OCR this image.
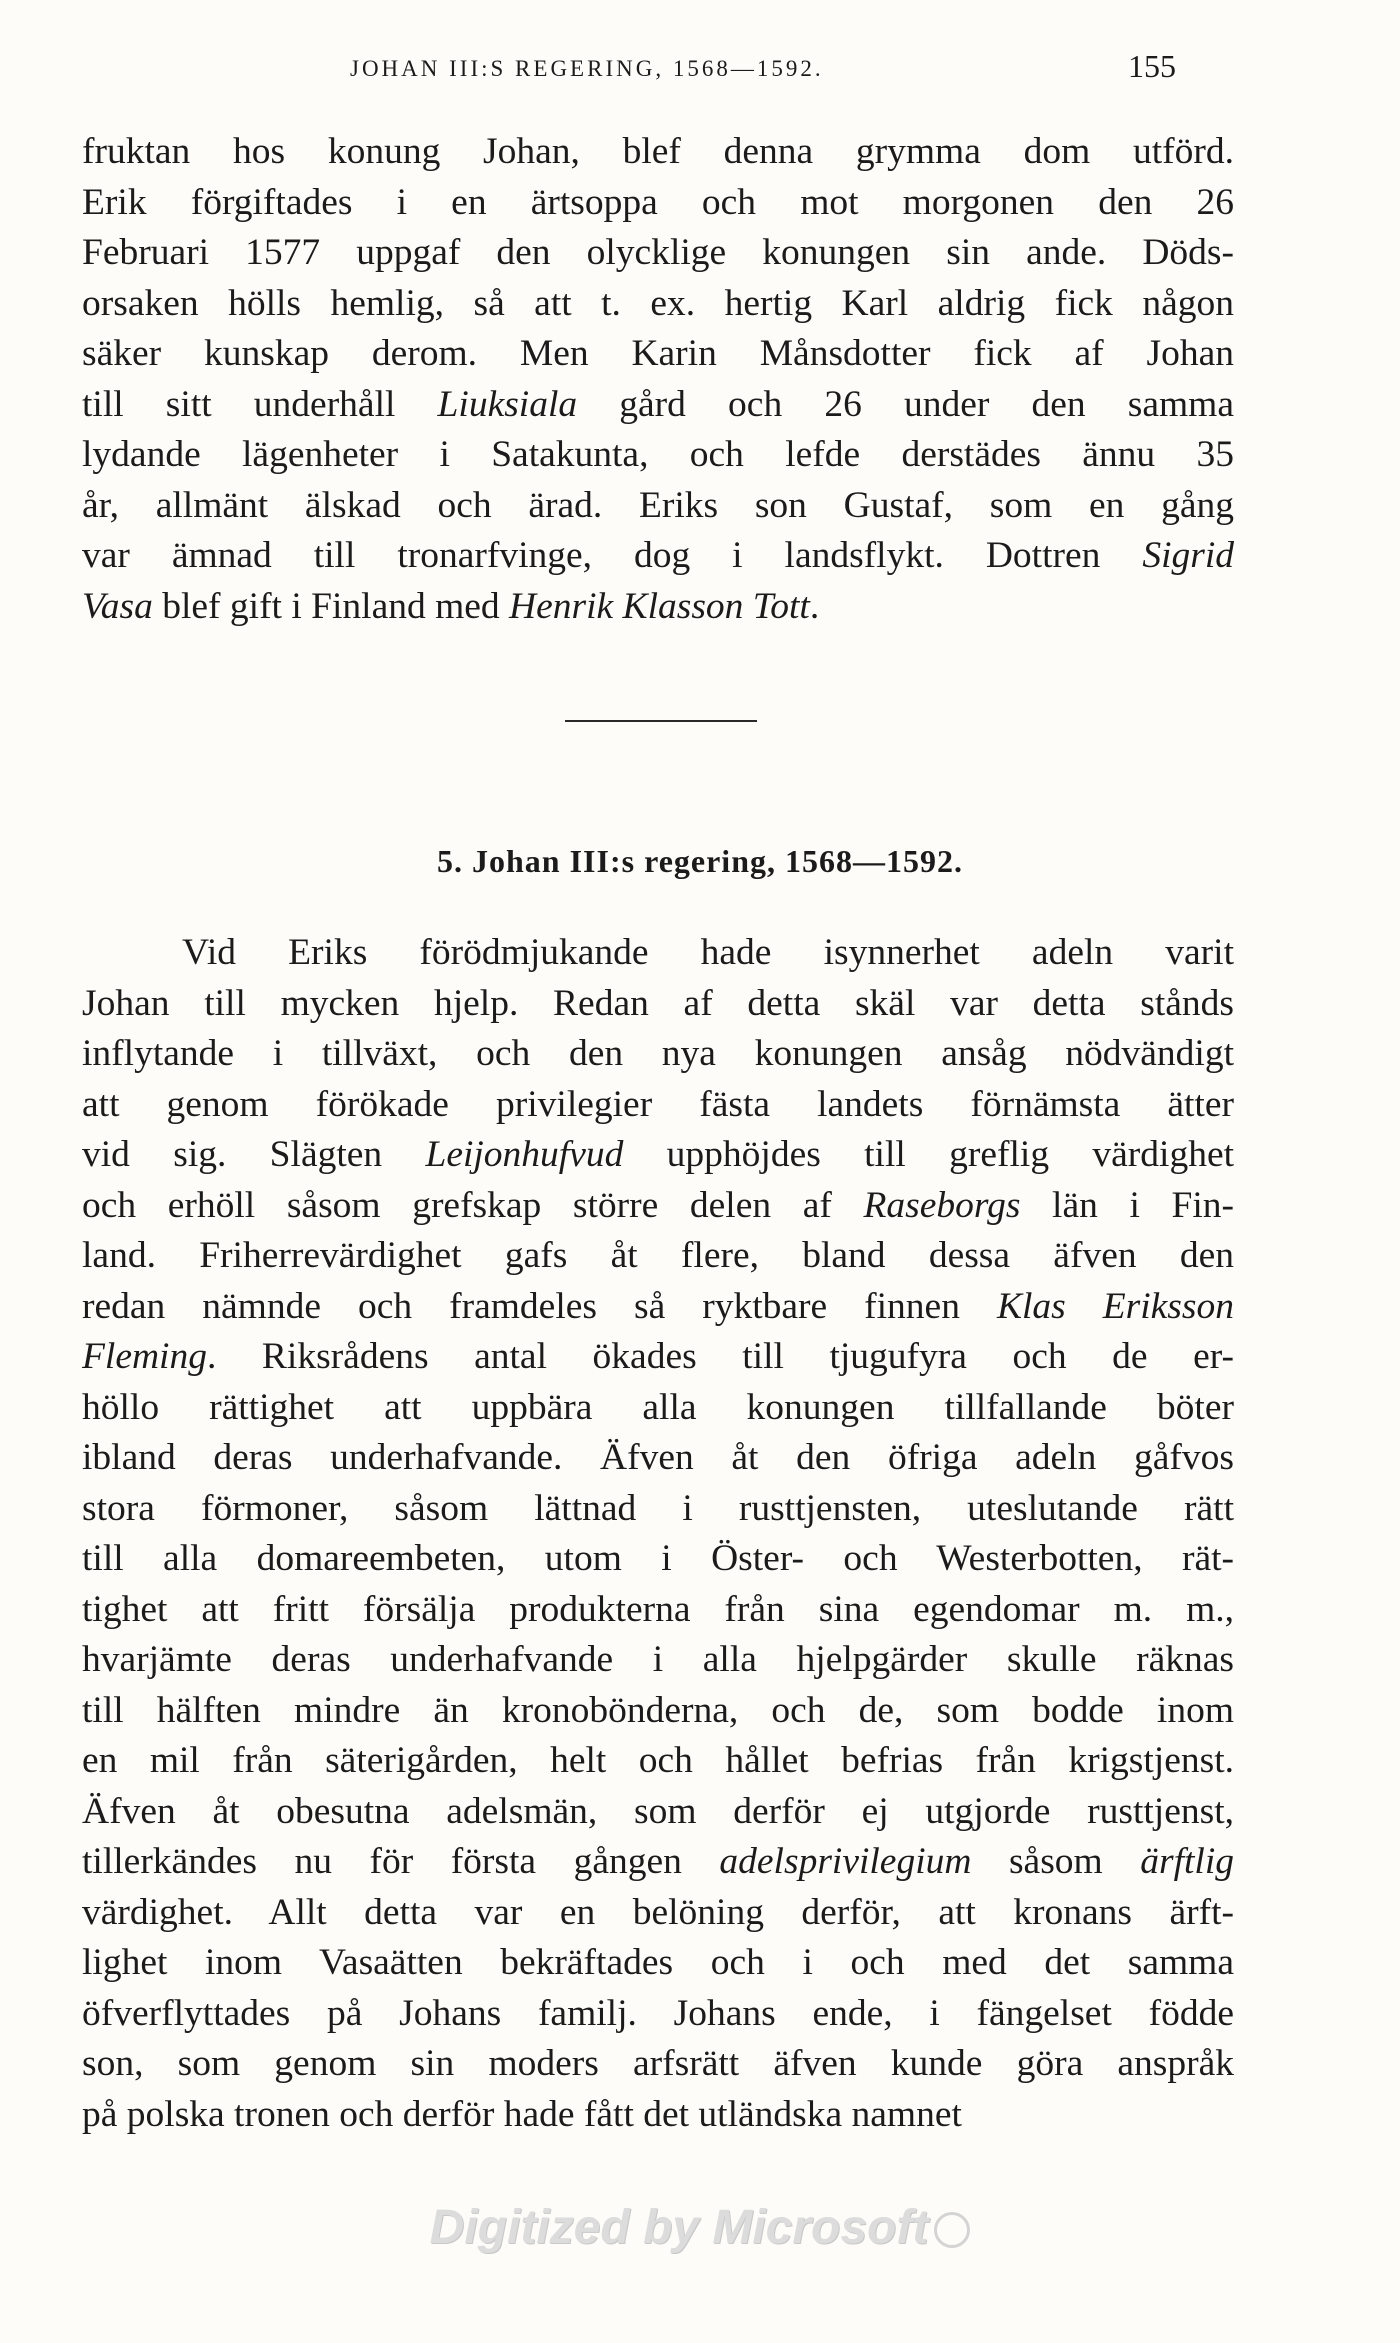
JOHAN III:S REGERING, 1568—1592.	155
fruktan hos konung Johan, blef denna grymma dom utförd.
Erik förgiftades i en ärtsoppa och mot morgonen den 26
Februari 1577 uppgaf den olycklige konungen sin ande. Döds-
orsaken hölls hemlig, så att t. ex. hertig Karl aldrig fick någon
säker kunskap derom. Men Karin Månsdotter fick af Johan
till sitt underhåll Liuksiala gård och 26 under den samma
lydande lägenheter i Satakunta, och lefde derstädes ännu 35
år, allmänt älskad och ärad. Eriks son Gustaf, som en gång
var ämnad till tronarfvinge, dog i landsflykt. Dottren Sigrid
Vasa blef gift i Finland med Henrik Klasson Tott.
5. Johan III:s regering, 1568—1592.
Vid Eriks förödmjukande hade isynnerhet adeln varit
Johan till mycken hjelp. Redan af detta skäl var detta stånds
inflytande i tillväxt, och den nya konungen ansåg nödvändigt
att genom förökade privilegier fästa landets förnämsta ätter
vid sig. Slägten Leijonhufvud upphöjdes till greflig värdighet
och erhöll såsom grefskap större delen af Raseborgs län i Fin-
land. Friherrevärdighet gafs åt flere, bland dessa äfven den
redan nämnde och framdeles så ryktbare finnen Klas Eriksson
Fleming. Riksrådens antal ökades till tjugufyra och de er-
höllo rättighet att uppbära alla konungen tillfallande böter
ibland deras underhafvande. Äfven åt den öfriga adeln gåfvos
stora förmoner, såsom lättnad i rusttjensten, uteslutande rätt
till alla domareembeten, utom i Öster- och Westerbotten, rät-
tighet att fritt försälja produkterna från sina egendomar m. m.,
hvarjämte deras underhafvande i alla hjelpgärder skulle räknas
till hälften mindre än kronobönderna, och de, som bodde inom
en mil från säterigården, helt och hållet befrias från krigstjenst.
Äfven åt obesutna adelsmän, som derför ej utgjorde rusttjenst,
tillerkändes nu för första gången adelsprivilegium såsom ärftlig
värdighet. Allt detta var en belöning derför, att kronans ärft-
lighet inom Vasaätten bekräftades och i och med det samma
öfverflyttades på Johans familj. Johans ende, i fängelset födde
son, som genom sin moders arfsrätt äfven kunde göra anspråk
på polska tronen och derför hade fått det utländska namnet
Digitized by Microsoft
